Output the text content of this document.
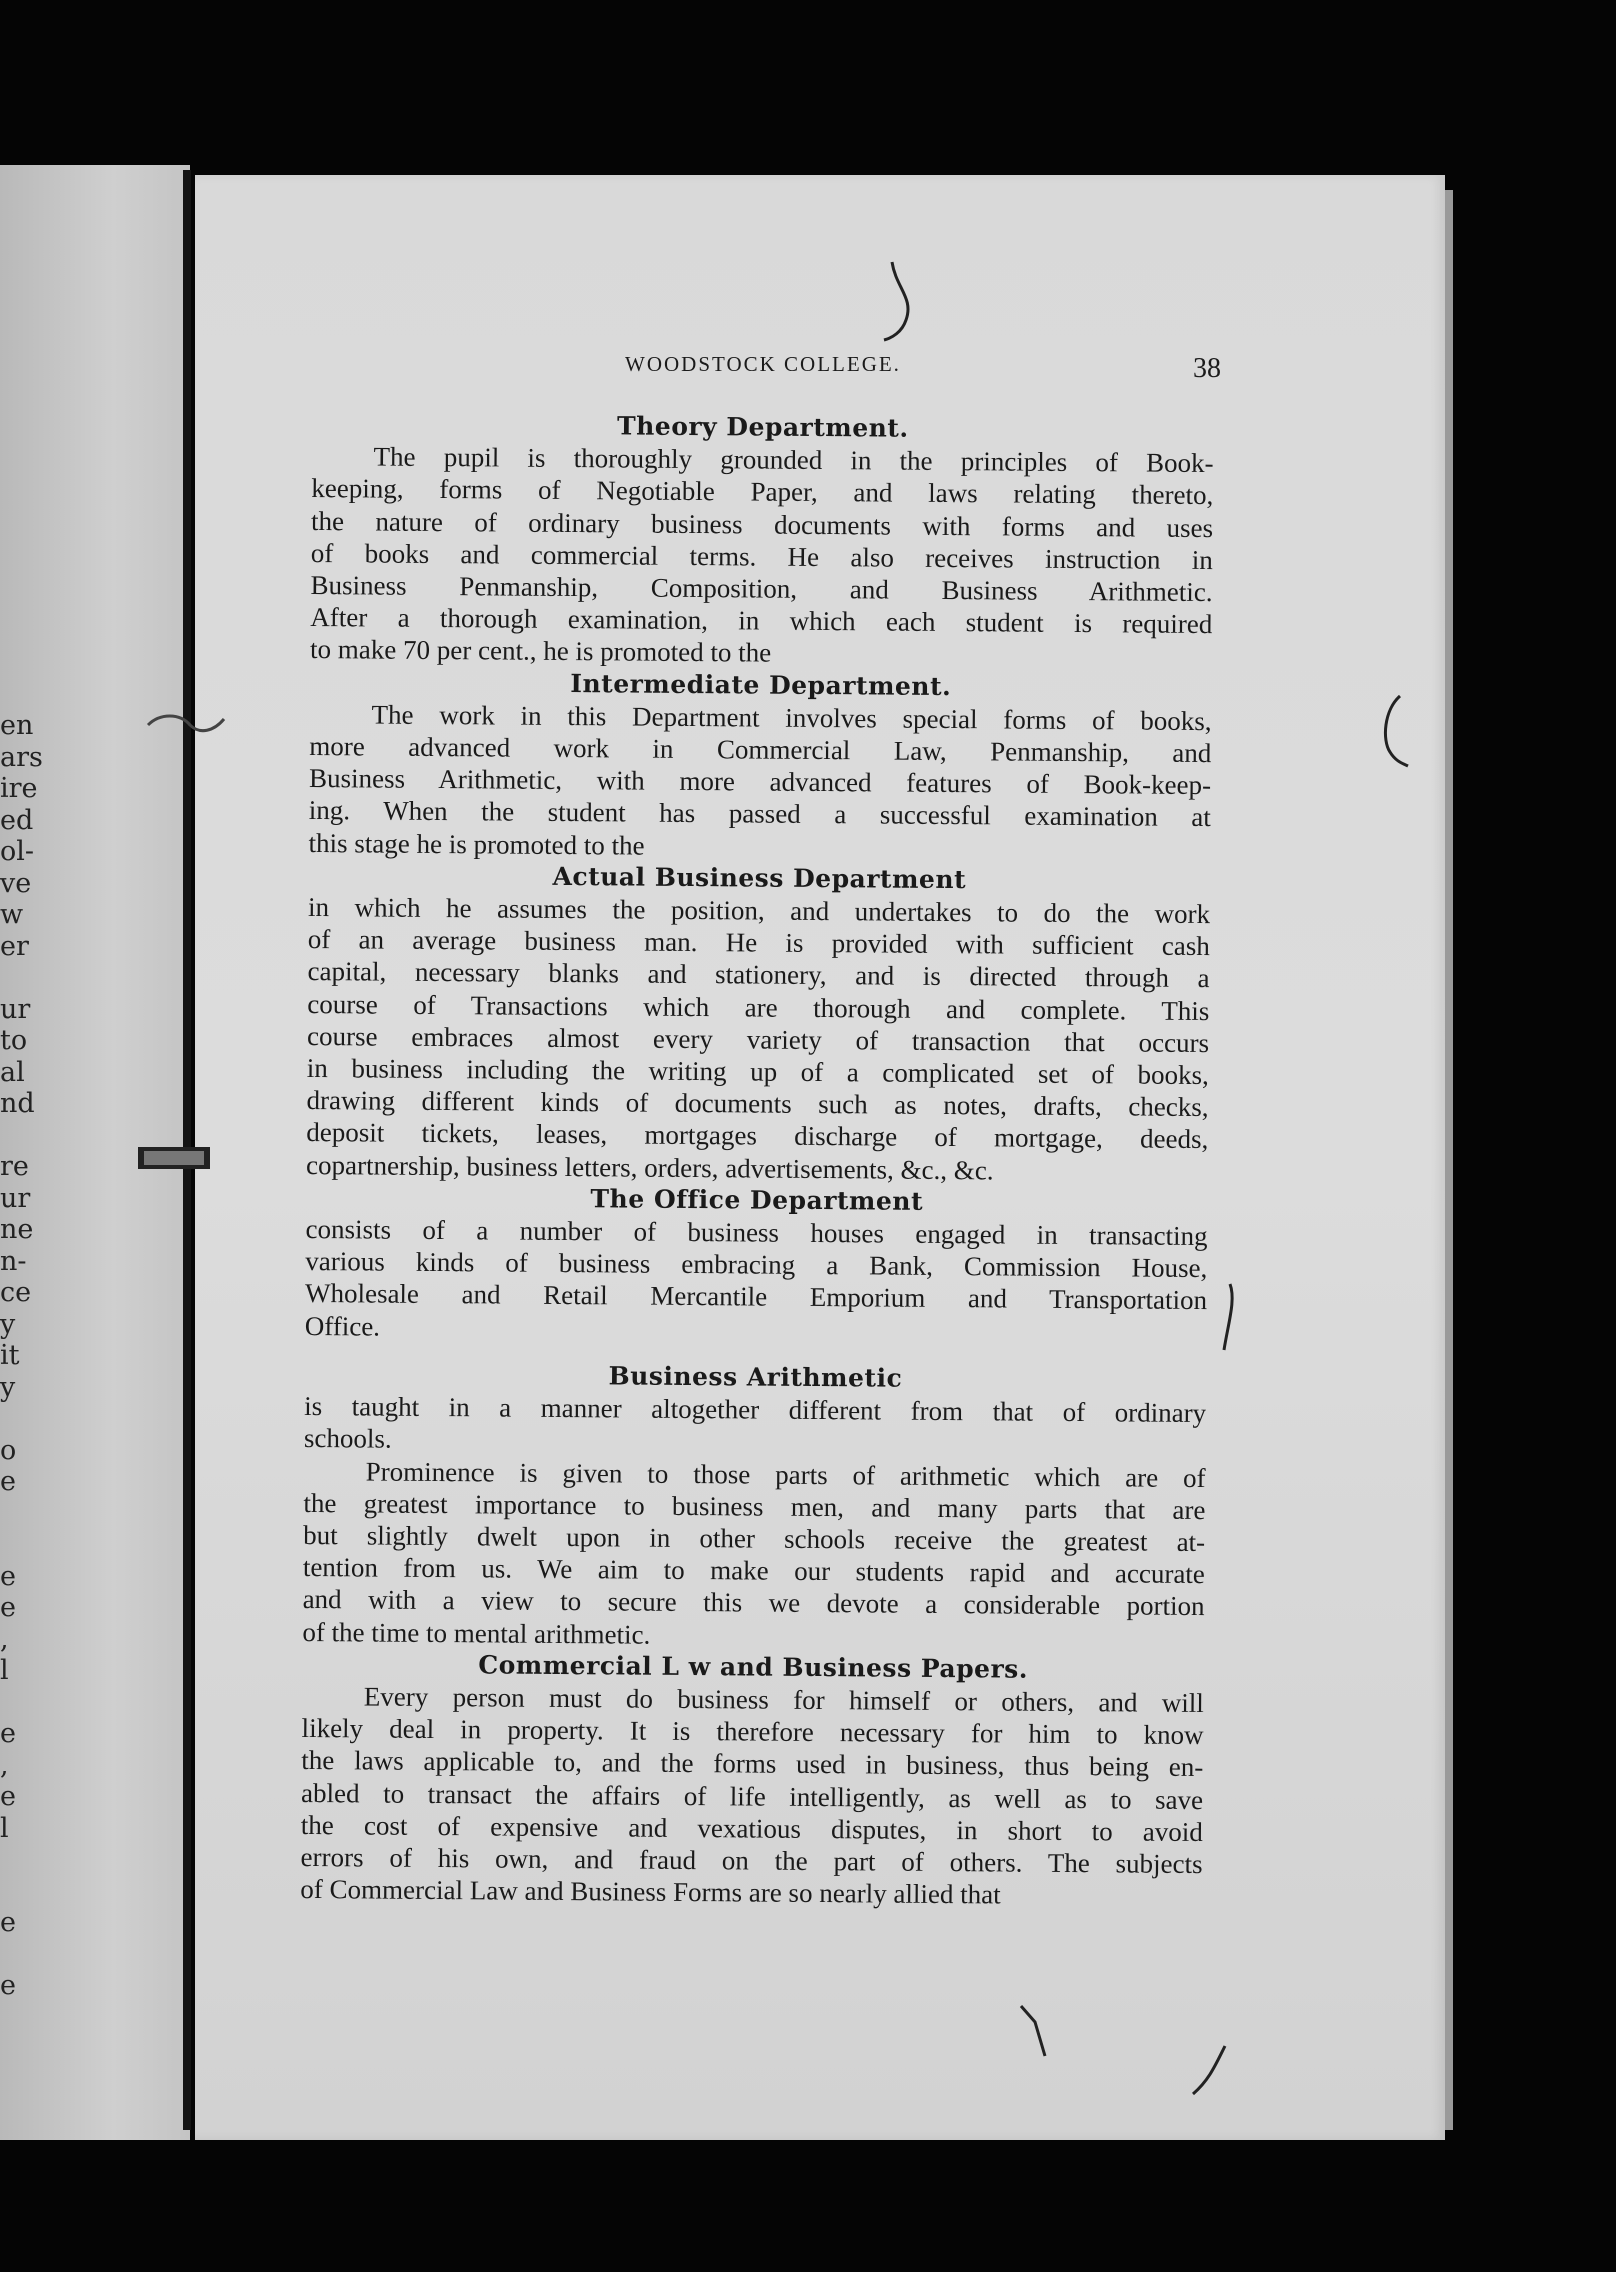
en
ars
ire
ed
ol-
ve
w
er
ur
to
al
nd
re
ur
ne
n-
ce
y
it
y
o
e
e
e
,
l
e
,
e
l
e
e
WOODSTOCK COLLEGE.	38
Theory Department.
The pupil is thoroughly grounded in the principles of Book-
keeping, forms of Negotiable Paper, and laws relating thereto,
the nature of ordinary business documents with forms and uses
of books and commercial terms. He also receives instruction in
Business Penmanship, Composition, and Business Arithmetic.
After a thorough examination, in which each student is required
to make 70 per cent., he is promoted to the
Intermediate Department.
The work in this Department involves special forms of books,
more advanced work in Commercial Law, Penmanship, and
Business Arithmetic, with more advanced features of Book-keep-
ing. When the student has passed a successful examination at
this stage he is promoted to the
Actual Business Department
in which he assumes the position, and undertakes to do the work
of an average business man. He is provided with sufficient cash
capital, necessary blanks and stationery, and is directed through a
course of Transactions which are thorough and complete. This
course embraces almost every variety of transaction that occurs
in business including the writing up of a complicated set of books,
drawing different kinds of documents such as notes, drafts, checks,
deposit tickets, leases, mortgages discharge of mortgage, deeds,
copartnership, business letters, orders, advertisements, &c., &c.
The Office Department
consists of a number of business houses engaged in transacting
various kinds of business embracing a Bank, Commission House,
Wholesale and Retail Mercantile Emporium and Transportation
Office.
Business Arithmetic
is taught in a manner altogether different from that of ordinary
schools.
Prominence is given to those parts of arithmetic which are of
the greatest importance to business men, and many parts that are
but slightly dwelt upon in other schools receive the greatest at-
tention from us. We aim to make our students rapid and accurate
and with a view to secure this we devote a considerable portion
of the time to mental arithmetic.
Commercial L w and Business Papers.
Every person must do business for himself or others, and will
likely deal in property. It is therefore necessary for him to know
the laws applicable to, and the forms used in business, thus being en-
abled to transact the affairs of life intelligently, as well as to save
the cost of expensive and vexatious disputes, in short to avoid
errors of his own, and fraud on the part of others. The subjects
of Commercial Law and Business Forms are so nearly allied that
